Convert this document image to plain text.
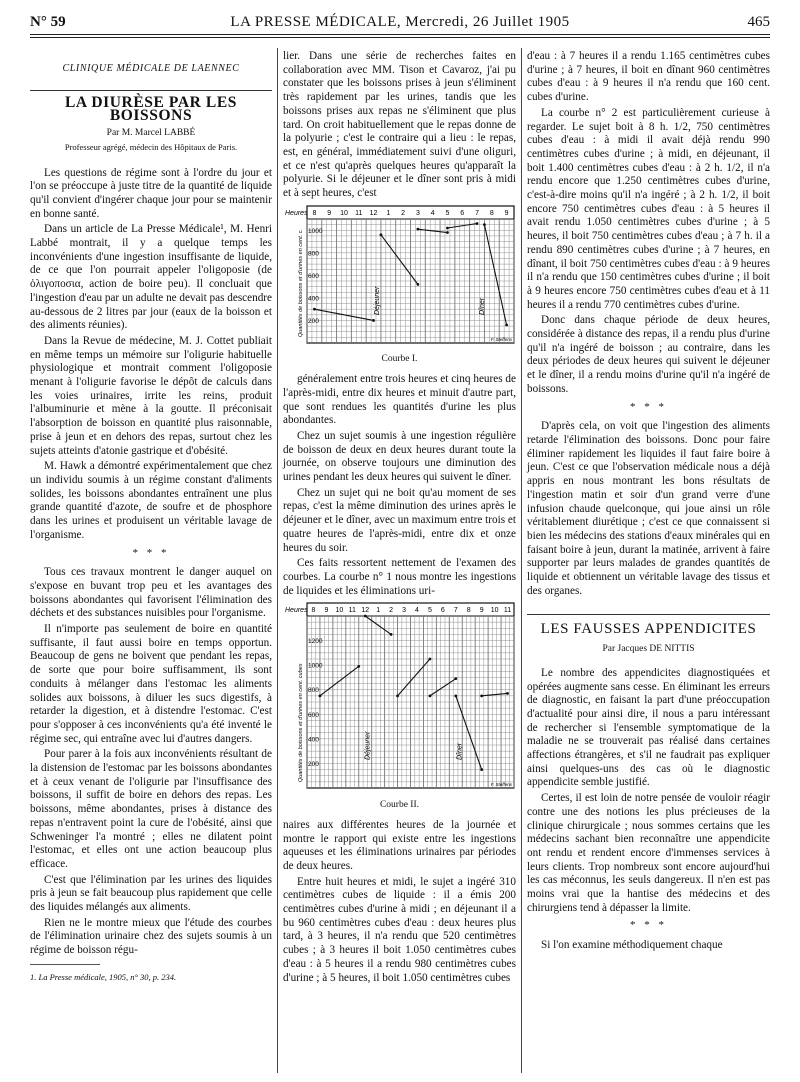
N° 59	LA PRESSE MÉDICALE, Mercredi, 26 Juillet 1905	465
CLINIQUE MÉDICALE DE LAENNEC
LA DIURÈSE PAR LES BOISSONS
Par M. Marcel LABBÉ
Professeur agrégé, médecin des Hôpitaux de Paris.

Les questions de régime sont à l'ordre du jour et l'on se préoccupe à juste titre de la quantité de liquide qu'il convient d'ingérer chaque jour pour se maintenir en bonne santé.

Dans un article de La Presse Médicale¹, M. Henri Labbé montrait, il y a quelque temps les inconvénients d'une ingestion insuffisante de liquide, de ce que l'on pourrait appeler l'oligoposie (de ὀλιγοποσια, action de boire peu). Il concluait que l'ingestion d'eau par un adulte ne devait pas descendre au-dessous de 2 litres par jour (eaux de la boisson et des aliments réunies).

Dans la Revue de médecine, M. J. Cottet publiait en même temps un mémoire sur l'oligurie habituelle physiologique et montrait comment l'oligoposie menant à l'oligurie favorise le dépôt de calculs dans les voies urinaires, irrite les reins, produit l'albuminurie et mène à la goutte. Il préconisait l'absorption de boisson en quantité plus raisonnable, prise à jeun et en dehors des repas, surtout chez les sujets atteints d'atonie gastrique et d'obésité.

M. Hawk a démontré expérimentalement que chez un individu soumis à un régime constant d'aliments solides, les boissons abondantes entraînent une plus grande quantité d'azote, de soufre et de phosphore dans les urines et produisent un véritable lavage de l'organisme.

* * *

Tous ces travaux montrent le danger auquel on s'expose en buvant trop peu et les avantages des boissons abondantes qui favorisent l'élimination des déchets et des substances nuisibles pour l'organisme.

Il n'importe pas seulement de boire en quantité suffisante, il faut aussi boire en temps opportun. Beaucoup de gens ne boivent que pendant les repas, de sorte que pour boire suffisamment, ils sont conduits à mélanger dans l'estomac les aliments solides aux boissons, à diluer les sucs digestifs, à retarder la digestion, et à distendre l'estomac. C'est pour s'opposer à ces inconvénients qu'a été inventé le régime sec, qui entraîne avec lui d'autres dangers.

Pour parer à la fois aux inconvénients résultant de la distension de l'estomac par les boissons abondantes et à ceux venant de l'oligurie par l'insuffisance des boissons, il suffit de boire en dehors des repas. Les boissons, même abondantes, prises à distance des repas n'entravent point la cure de l'obésité, ainsi que Schweninger l'a montré ; elles ne dilatent point l'estomac, et elles ont une action beaucoup plus efficace.

C'est que l'élimination par les urines des liquides pris à jeun se fait beaucoup plus rapidement que celle des liquides mélangés aux aliments.

Rien ne le montre mieux que l'étude des courbes de l'élimination urinaire chez des sujets soumis à un régime de boisson régu-

1. La Presse médicale, 1905, n° 30, p. 234.

lier. Dans une série de recherches faites en collaboration avec MM. Tison et Cavaroz, j'ai pu constater que les boissons prises à jeun s'éliminent très rapidement par les urines, tandis que les boissons prises aux repas ne s'éliminent que plus tard. On croit habituellement que le repas donne de la polyurie ; c'est le contraire qui a lieu : le repas, est, en général, immédiatement suivi d'une oliguri, et ce n'est qu'après quelques heures qu'apparaît la polyurie. Si le déjeuner et le dîner sont pris à midi et à sept heures, c'est

Heures 8 9 10 11 12 1 2 3 4 5 6 7 8 9
200
400
600
800
1000
Quantités de boissons et d'urines en cent. c.	Déjeuner	Dîner
F. Steffens
Courbe I.

généralement entre trois heures et cinq heures de l'après-midi, entre dix heures et minuit d'autre part, que sont rendues les quantités d'urine les plus abondantes.

Chez un sujet soumis à une ingestion régulière de boisson de deux en deux heures durant toute la journée, on observe toujours une diminution des urines pendant les deux heures qui suivent le dîner.

Chez un sujet qui ne boit qu'au moment de ses repas, c'est la même diminution des urines après le déjeuner et le dîner, avec un maximum entre trois et quatre heures de l'après-midi, entre dix et onze heures du soir.

Ces faits ressortent nettement de l'examen des courbes. La courbe n° 1 nous montre les ingestions de liquides et les éliminations uri-

Heures 8 9 10 11 12 1 2 3 4 5 6 7 8 9 10 11
200
400
600
800
1000
1200
Quantités de boissons et d'urines en cent. cubes	Déjeuner	Dîner
F. Steffens
Courbe II.

naires aux différentes heures de la journée et montre le rapport qui existe entre les ingestions aqueuses et les éliminations urinaires par périodes de deux heures.

Entre huit heures et midi, le sujet a ingéré 310 centimètres cubes de liquide : il a émis 200 centimètres cubes d'urine à midi ; en déjeunant il a bu 960 centimètres cubes d'eau : deux heures plus tard, à 3 heures, il n'a rendu que 520 centimètres cubes ; à 3 heures il boit 1.050 centimètres cubes d'eau : à 5 heures il a rendu 980 centimètres cubes d'urine ; à 5 heures, il boit 1.050 centimètres cubes

d'eau : à 7 heures il a rendu 1.165 centimètres cubes d'urine ; à 7 heures, il boit en dînant 960 centimètres cubes d'eau : à 9 heures il n'a rendu que 160 cent. cubes d'urine.

La courbe n° 2 est particulièrement curieuse à regarder. Le sujet boit à 8 h. 1/2, 750 centimètres cubes d'eau : à midi il avait déjà rendu 990 centimètres cubes d'urine ; à midi, en déjeunant, il boit 1.400 centimètres cubes d'eau : à 2 h. 1/2, il n'a rendu encore que 1.250 centimètres cubes d'urine, c'est-à-dire moins qu'il n'a ingéré ; à 2 h. 1/2, il boit encore 750 centimètres cubes d'eau : à 5 heures il avait rendu 1.050 centimètres cubes d'urine ; à 5 heures, il boit 750 centimètres cubes d'eau ; à 7 h. il a rendu 890 centimètres cubes d'urine ; à 7 heures, en dînant, il boit 750 centimètres cubes d'eau : à 9 heures il n'a rendu que 150 centimètres cubes d'urine ; il boit à 9 heures encore 750 centimètres cubes d'eau et à 11 heures il a rendu 770 centimètres cubes d'urine.

Donc dans chaque période de deux heures, considérée à distance des repas, il a rendu plus d'urine qu'il n'a ingéré de boisson ; au contraire, dans les deux périodes de deux heures qui suivent le déjeuner et le dîner, il a rendu moins d'urine qu'il n'a ingéré de boissons.

* * *

D'après cela, on voit que l'ingestion des aliments retarde l'élimination des boissons. Donc pour faire éliminer rapidement les liquides il faut faire boire à jeun. C'est ce que l'observation médicale nous a déjà appris en nous montrant les bons résultats de l'ingestion matin et soir d'un grand verre d'une infusion chaude quelconque, qui joue ainsi un rôle véritablement diurétique ; c'est ce que connaissent si bien les médecins des stations d'eaux minérales qui en faisant boire à jeun, durant la matinée, arrivent à faire supporter par leurs malades de grandes quantités de liquide et obtiennent un véritable lavage des tissus et des organes.

LES FAUSSES APPENDICITES
Par Jacques DE NITTIS

Le nombre des appendicites diagnostiquées et opérées augmente sans cesse. En éliminant les erreurs de diagnostic, en faisant la part d'une préoccupation d'actualité pour ainsi dire, il nous a paru intéressant de rechercher si l'ensemble symptomatique de la maladie ne se trouverait pas réalisé dans certaines affections étrangères, et s'il ne faudrait pas expliquer ainsi quelques-uns des cas où le diagnostic appendicite semble justifié.

Certes, il est loin de notre pensée de vouloir réagir contre une des notions les plus précieuses de la clinique chirurgicale ; nous sommes certains que les médecins sachant bien reconnaître une appendicite ont rendu et rendent encore d'immenses services à leurs clients. Trop nombreux sont encore aujourd'hui les cas méconnus, les seuls dangereux. Il n'en est pas moins vrai que la hantise des médecins et des chirurgiens tend à dépasser la limite.

* * *

Si l'on examine méthodiquement chaque
